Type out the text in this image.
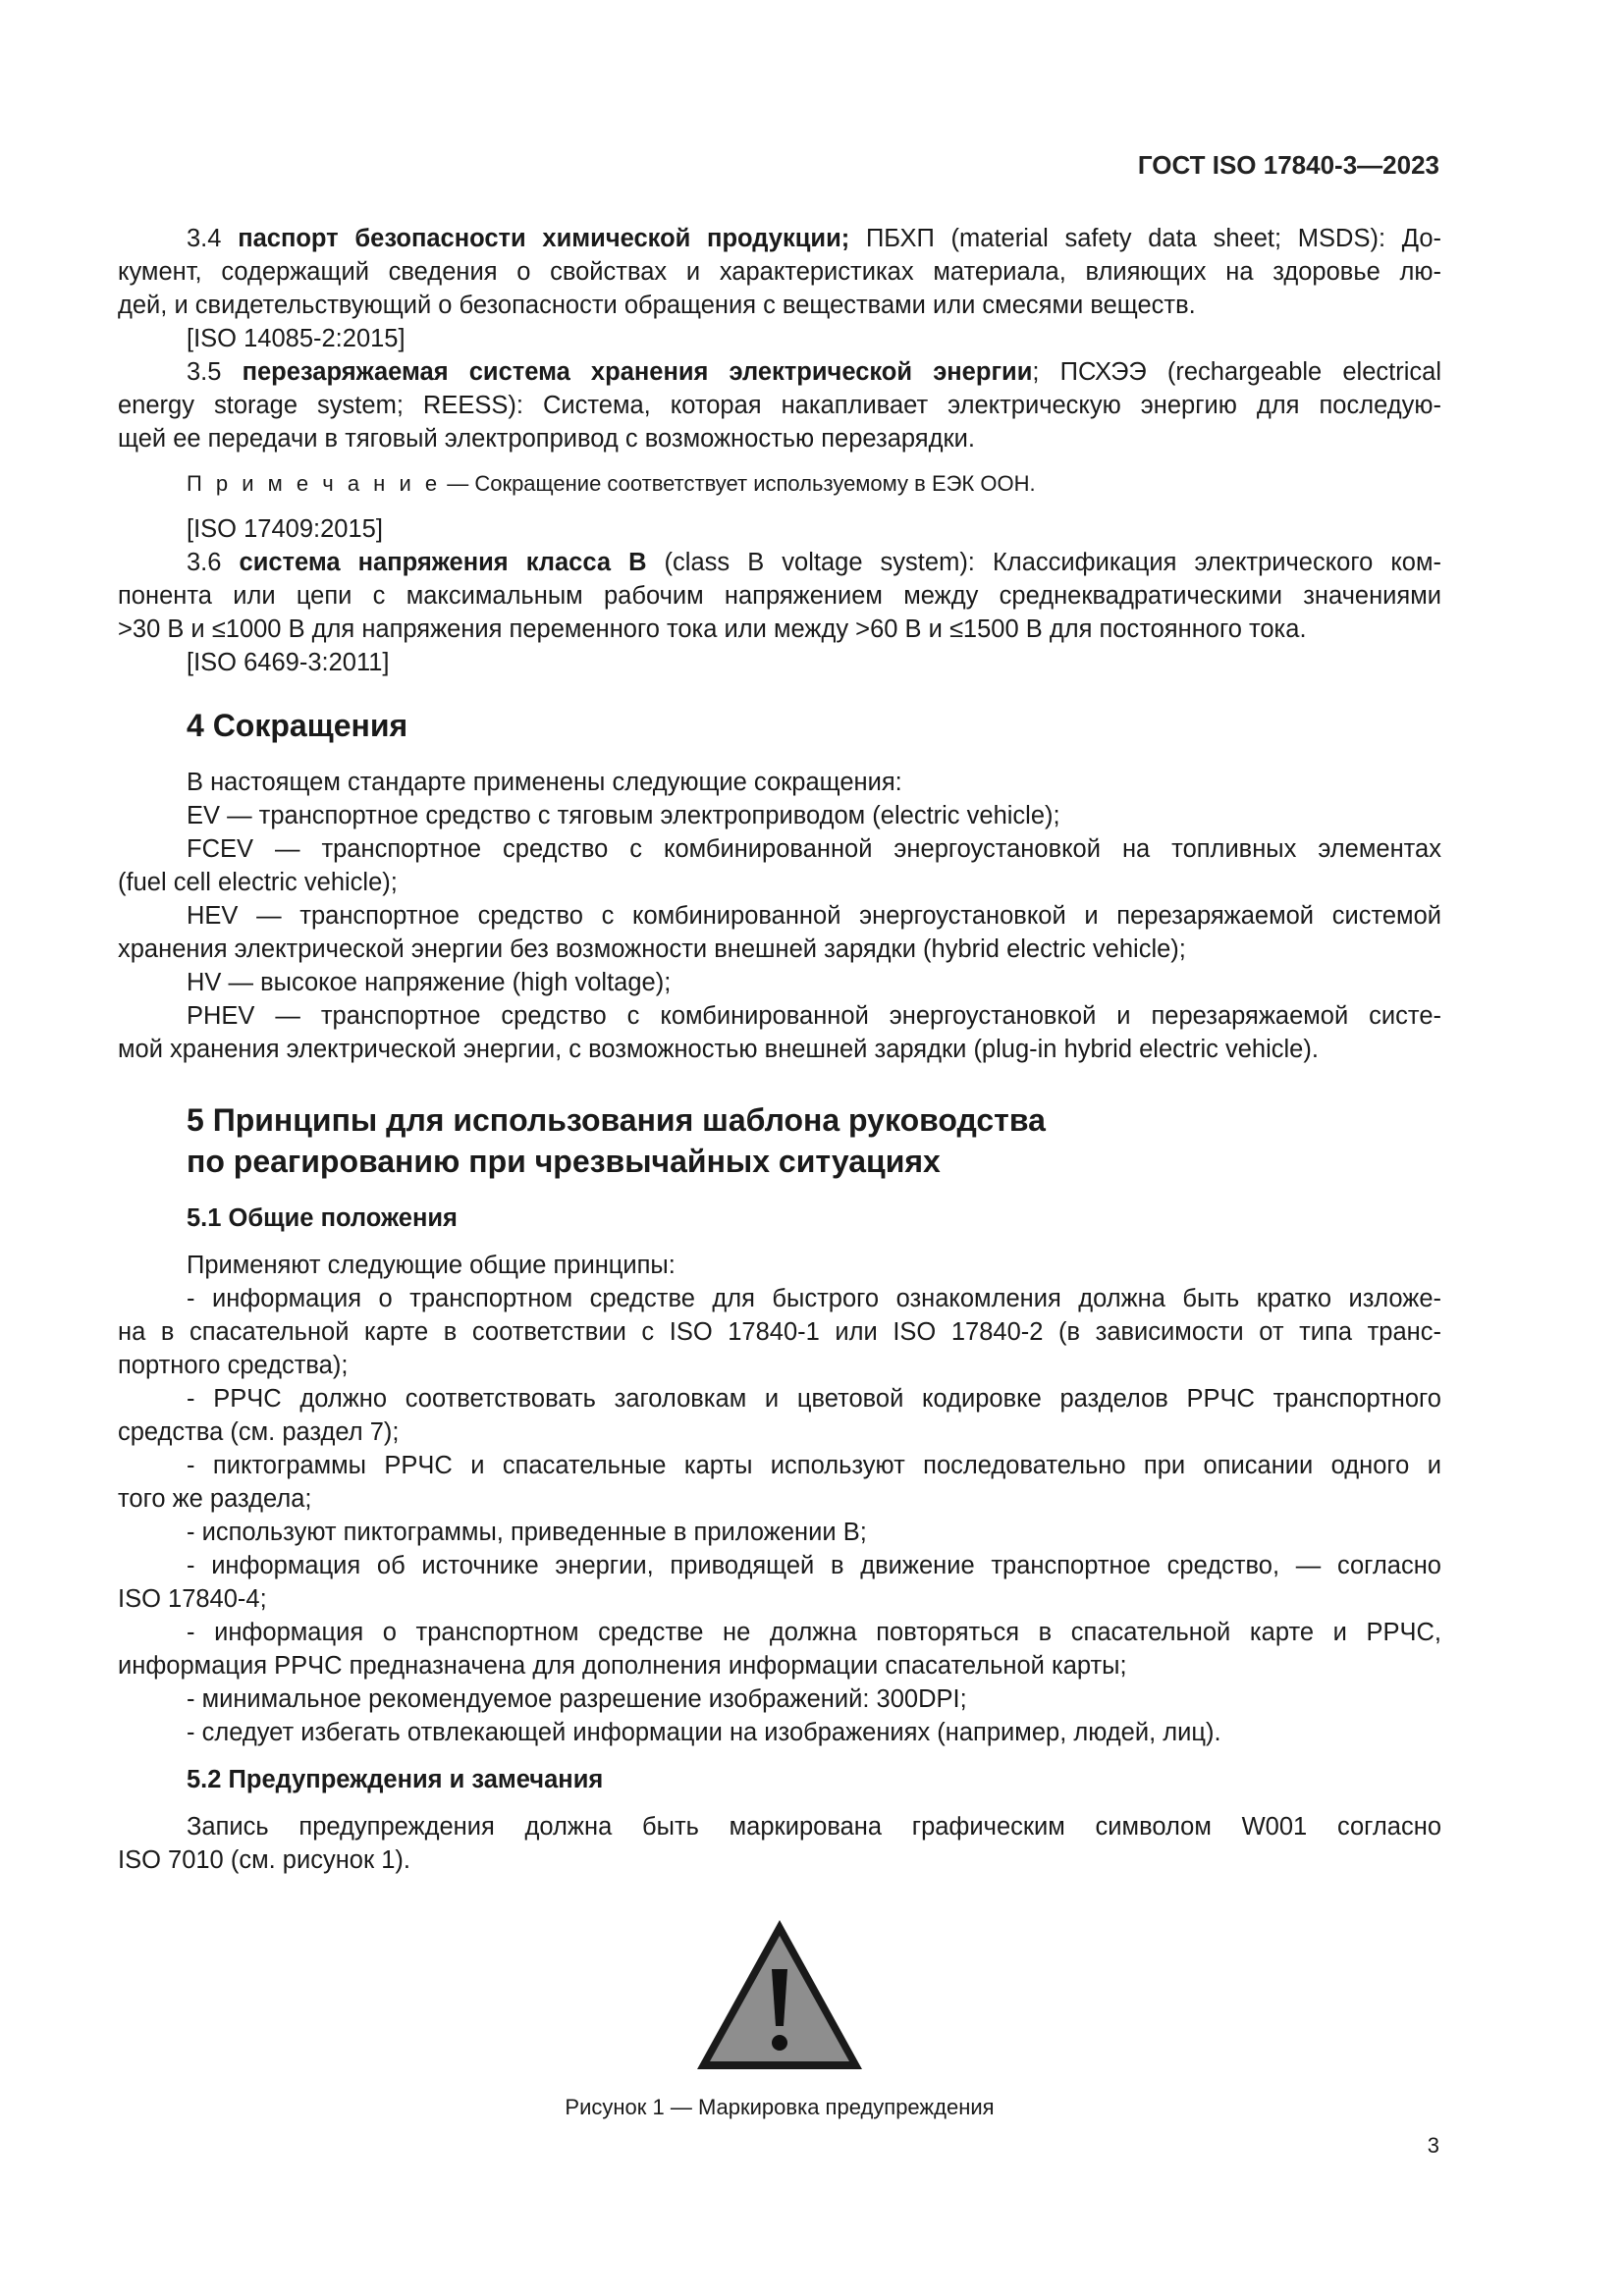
ГОСТ ISO 17840-3—2023

3.4 паспорт безопасности химической продукции; ПБХП (material safety data sheet; MSDS): До-

кумент, содержащий сведения о свойствах и характеристиках материала, влияющих на здоровье лю-

дей, и свидетельствующий о безопасности обращения с веществами или смесями веществ.

[ISO 14085-2:2015]

3.5 перезаряжаемая система хранения электрической энергии; ПСХЭЭ (rechargeable electrical

energy storage system; REESS): Система, которая накапливает электрическую энергию для последую-

щей ее передачи в тяговый электропривод с возможностью перезарядки.

П р и м е ч а н и е — Сокращение соответствует используемому в ЕЭК ООН.

[ISO 17409:2015]

3.6 система напряжения класса B (class B voltage system): Классификация электрического ком-

понента или цепи с максимальным рабочим напряжением между среднеквадратическими значениями

>30 В и ≤1000 В для напряжения переменного тока или между >60 В и ≤1500 В для постоянного тока.

[ISO 6469-3:2011]

4 Сокращения

В настоящем стандарте применены следующие сокращения:

EV — транспортное средство с тяговым электроприводом (electric vehicle);

FCEV — транспортное средство с комбинированной энергоустановкой на топливных элементах

(fuel cell electric vehicle);

HEV — транспортное средство с комбинированной энергоустановкой и перезаряжаемой системой

хранения электрической энергии без возможности внешней зарядки (hybrid electric vehicle);

HV — высокое напряжение (high voltage);

PHEV — транспортное средство с комбинированной энергоустановкой и перезаряжаемой систе-

мой хранения электрической энергии, с возможностью внешней зарядки (plug-in hybrid electric vehicle).

5 Принципы для использования шаблона руководства
по реагированию при чрезвычайных ситуациях
5.1 Общие положения

Применяют следующие общие принципы:

- информация о транспортном средстве для быстрого ознакомления должна быть кратко изложе-

на в спасательной карте в соответствии с ISO 17840-1 или ISO 17840-2 (в зависимости от типа транс-

портного средства);

- РРЧС должно соответствовать заголовкам и цветовой кодировке разделов РРЧС транспортного

средства (см. раздел 7);

- пиктограммы РРЧС и спасательные карты используют последовательно при описании одного и

того же раздела;

- используют пиктограммы, приведенные в приложении В;

- информация об источнике энергии, приводящей в движение транспортное средство, — согласно

ISO 17840-4;

- информация о транспортном средстве не должна повторяться в спасательной карте и РРЧС,

информация РРЧС предназначена для дополнения информации спасательной карты;

- минимальное рекомендуемое разрешение изображений: 300DPI;

- следует избегать отвлекающей информации на изображениях (например, людей, лиц).

5.2 Предупреждения и замечания

Запись предупреждения должна быть маркирована графическим символом W001 согласно

ISO 7010 (см. рисунок 1).

Рисунок 1 — Маркировка предупреждения
3
